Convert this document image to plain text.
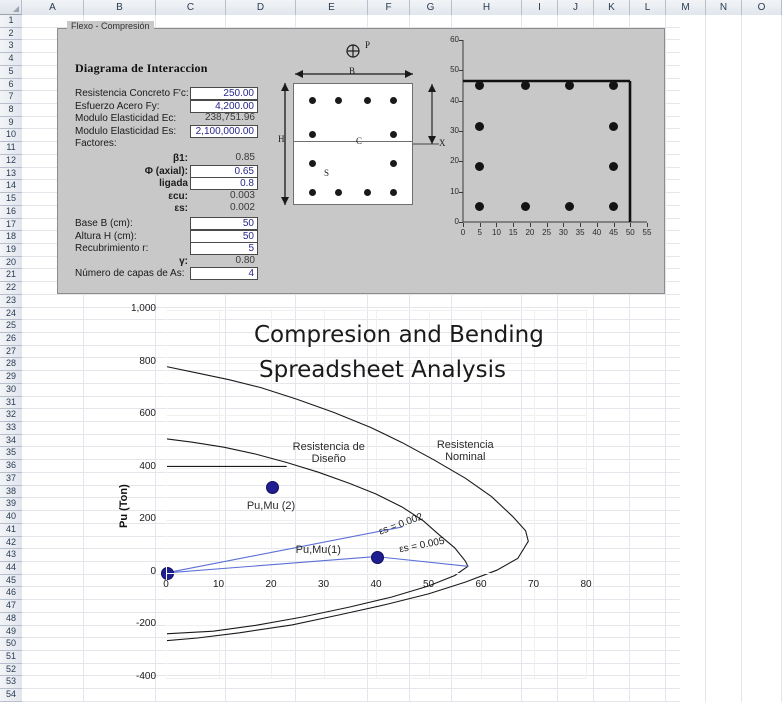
A	B	C	D	E	F	G	H	I	J	K	L	M	N	O
1
2
3
4
5
6
7
8
9
10
11
12
13
14
15
16
17
18
19
20
21
22
23
24
25
26
27
28
29
30
31
32
33
34
35
36
37
38
39
40
41
42
43
44
45
46
47
48
49
50
51
52
53
54
Flexo - Compresión
Diagrama de Interaccion
Resistencia Concreto F'c:	250.00
Esfuerzo Acero Fy:	4,200.00
Modulo Elasticidad Ec:	238,751.96
Modulo Elasticidad Es:	2,100,000.00
Factores:
β1:	0.85
Φ (axial):	0.65
ligada	0.8
εcu:	0.003
εs:	0.002
Base B (cm):	50
Altura H (cm):	50
Recubrimiento r:	5
γ:	0.80
Número de capas de As:	4
P
B
H	C
S
X
0
10
20
30
40
50
60
0	5	10 15 20 25 30 35 40 45 50 55
Pu (Ton)
Resistencia Nominal
Resistencia de Diseño
Pu,Mu (2)
Pu,Mu(1)
εs = 0.002
εs = 0.005
1,000
800
600
400
200
0
-200
-400
0	10	20	30	40	50	60	70	80
Compresion and Bending
Spreadsheet Analysis
